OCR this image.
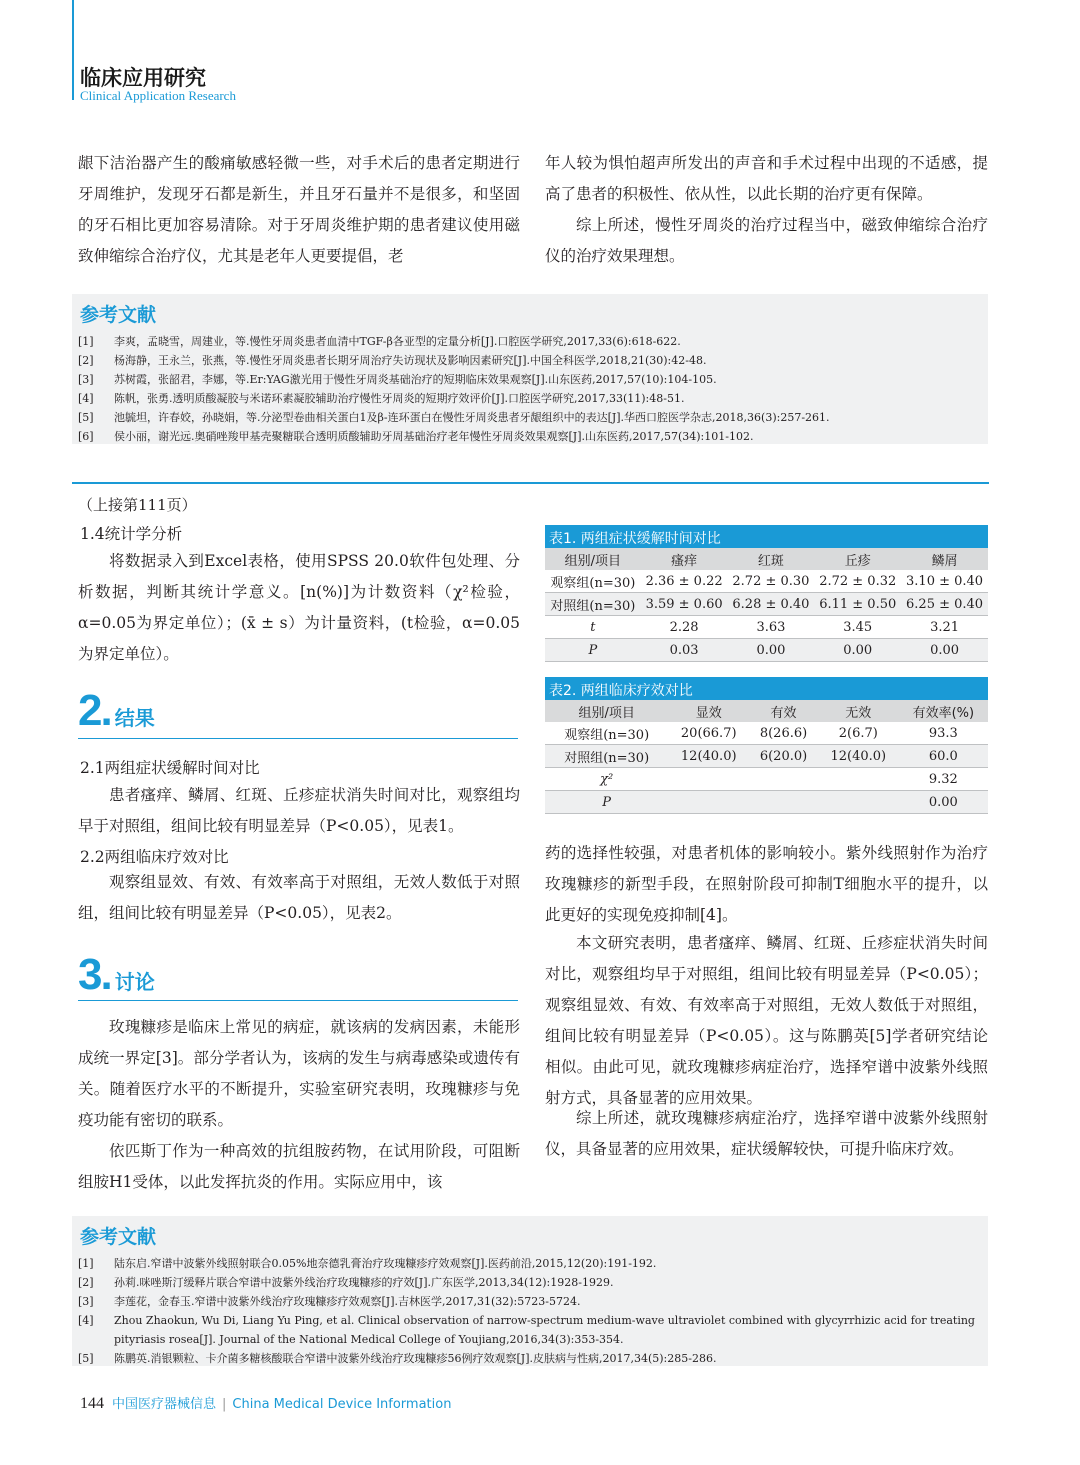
临床应用研究
Clinical Application Research

龈下洁治器产生的酸痛敏感轻微一些，对手术后的患者定期进行牙周维护，发现牙石都是新生，并且牙石量并不是很多，和坚固的牙石相比更加容易清除。对于牙周炎维护期的患者建议使用磁致伸缩综合治疗仪，尤其是老年人更要提倡，老

年人较为惧怕超声所发出的声音和手术过程中出现的不适感，提高了患者的积极性、依从性，以此长期的治疗更有保障。

综上所述，慢性牙周炎的治疗过程当中，磁致伸缩综合治疗仪的治疗效果理想。

参考文献
[1]	李爽，孟晓雪，周建业，等.慢性牙周炎患者血清中TGF-β各亚型的定量分析[J].口腔医学研究,2017,33(6):618-622.
[2]	杨海静，王永兰，张燕，等.慢性牙周炎患者长期牙周治疗失访现状及影响因素研究[J].中国全科医学,2018,21(30):42-48.
[3]	苏树霞，张韶君，李娜，等.Er:YAG激光用于慢性牙周炎基础治疗的短期临床效果观察[J].山东医药,2017,57(10):104-105.
[4]	陈帆，张勇.透明质酸凝胶与米诺环素凝胶辅助治疗慢性牙周炎的短期疗效评价[J].口腔医学研究,2017,33(11):48-51.
[5]	池毓坦，许春姣，孙晓娟，等.分泌型卷曲相关蛋白1及β-连环蛋白在慢性牙周炎患者牙龈组织中的表达[J].华西口腔医学杂志,2018,36(3):257-261.
[6]	侯小丽，谢光远.奥硝唑羧甲基壳聚糖联合透明质酸辅助牙周基础治疗老年慢性牙周炎效果观察[J].山东医药,2017,57(34):101-102.
（上接第111页）
1.4统计学分析

将数据录入到Excel表格，使用SPSS 20.0软件包处理、分析数据，判断其统计学意义。[n(%)]为计数资料（χ²检验，α=0.05为界定单位）；(x̄ ± s）为计量资料，(t检验，α=0.05为界定单位）。

2. 结果
2.1两组症状缓解时间对比

患者瘙痒、鳞屑、红斑、丘疹症状消失时间对比，观察组均早于对照组，组间比较有明显差异（P<0.05），见表1。

2.2两组临床疗效对比

观察组显效、有效、有效率高于对照组，无效人数低于对照组，组间比较有明显差异（P<0.05），见表2。

3. 讨论

玫瑰糠疹是临床上常见的病症，就该病的发病因素，未能形成统一界定[3]。部分学者认为，该病的发生与病毒感染或遗传有关。随着医疗水平的不断提升，实验室研究表明，玫瑰糠疹与免疫功能有密切的联系。

依匹斯丁作为一种高效的抗组胺药物，在试用阶段，可阻断组胺H1受体，以此发挥抗炎的作用。实际应用中，该

药的选择性较强，对患者机体的影响较小。紫外线照射作为治疗玫瑰糠疹的新型手段，在照射阶段可抑制T细胞水平的提升，以此更好的实现免疫抑制[4]。

本文研究表明，患者瘙痒、鳞屑、红斑、丘疹症状消失时间对比，观察组均早于对照组，组间比较有明显差异（P<0.05）；观察组显效、有效、有效率高于对照组，无效人数低于对照组，组间比较有明显差异（P<0.05）。这与陈鹏英[5]学者研究结论相似。由此可见，就玫瑰糠疹病症治疗，选择窄谱中波紫外线照射方式，具备显著的应用效果。

综上所述，就玫瑰糠疹病症治疗，选择窄谱中波紫外线照射仪，具备显著的应用效果，症状缓解较快，可提升临床疗效。

表1. 两组症状缓解时间对比
组别/项目	瘙痒	红斑	丘疹	鳞屑
观察组(n=30)	2.36 ± 0.22	2.72 ± 0.30	2.72 ± 0.32	3.10 ± 0.40
对照组(n=30)	3.59 ± 0.60	6.28 ± 0.40	6.11 ± 0.50	6.25 ± 0.40
t	2.28	3.63	3.45	3.21
P	0.03	0.00	0.00	0.00
表2. 两组临床疗效对比
组别/项目	显效	有效	无效	有效率(%)
观察组(n=30)	20(66.7)	8(26.6)	2(6.7)	93.3
对照组(n=30)	12(40.0)	6(20.0)	12(40.0)	60.0
χ²				9.32
P				0.00
参考文献
[1]	陆东启.窄谱中波紫外线照射联合0.05%地奈德乳膏治疗玫瑰糠疹疗效观察[J].医药前沿,2015,12(20):191-192.
[2]	孙莉.咪唑斯汀缓释片联合窄谱中波紫外线治疗玫瑰糠疹的疗效[J].广东医学,2013,34(12):1928-1929.
[3]	李莲花，金春玉.窄谱中波紫外线治疗玫瑰糠疹疗效观察[J].吉林医学,2017,31(32):5723-5724.
[4]	Zhou Zhaokun, Wu Di, Liang Yu Ping, et al. Clinical observation of narrow-spectrum medium-wave ultraviolet combined with glycyrrhizic acid for treating pityriasis rosea[J]. Journal of the National Medical College of Youjiang,2016,34(3):353-354.
[5]	陈鹏英.消银颗粒、卡介菌多糖核酸联合窄谱中波紫外线治疗玫瑰糠疹56例疗效观察[J].皮肤病与性病,2017,34(5):285-286.
144 中国医疗器械信息 | China Medical Device Information
